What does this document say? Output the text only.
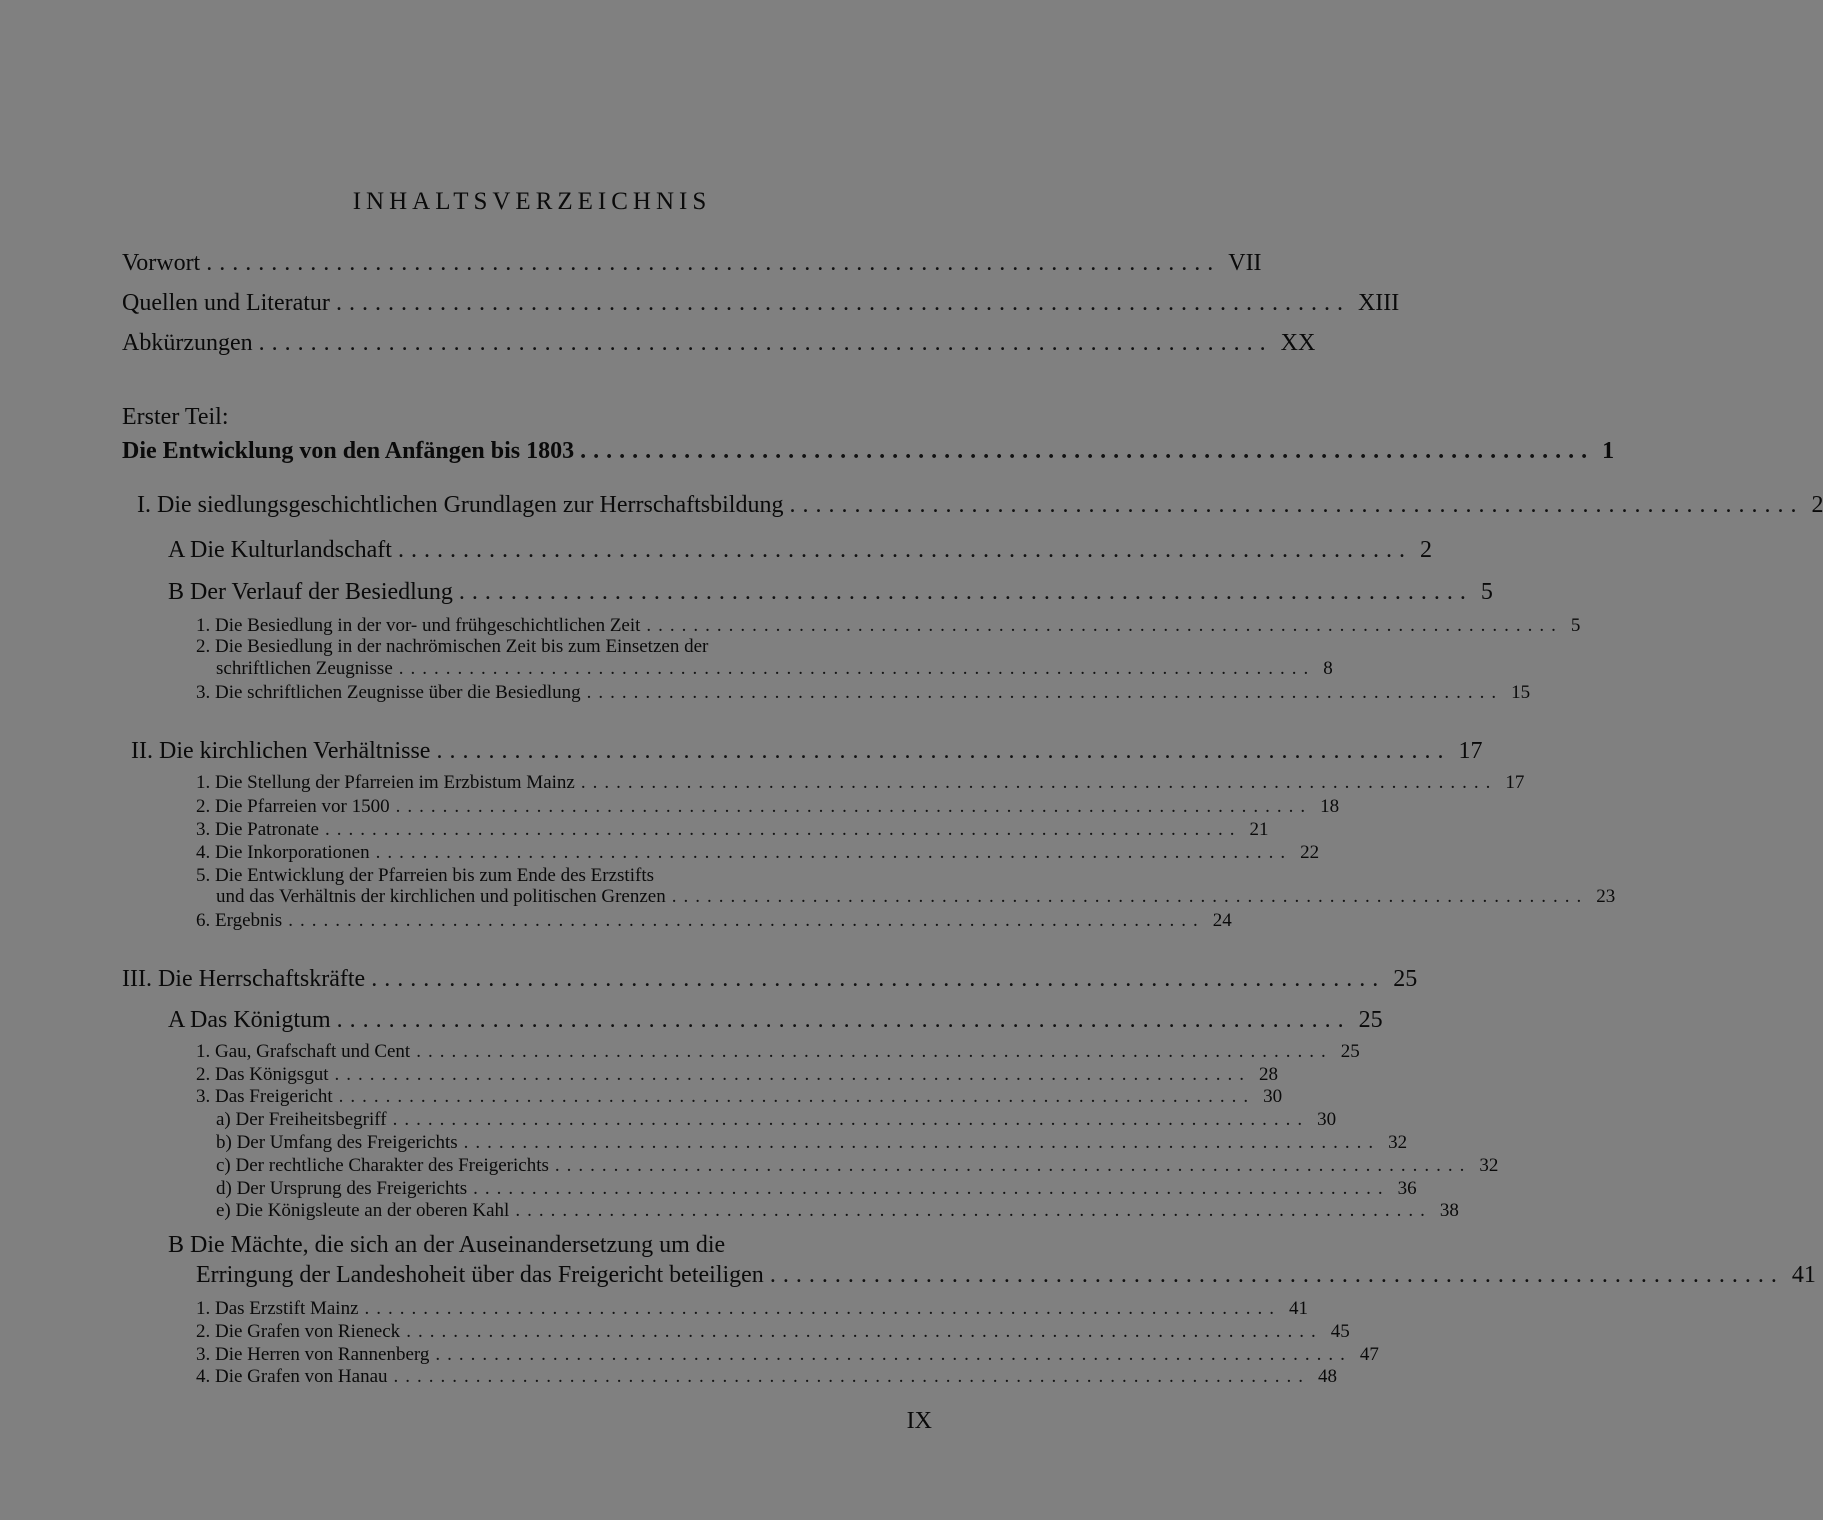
INHALTSVERZEICHNIS
Vorwort .............................................................................. VII
Quellen und Literatur .............................................................................. XIII
Abkürzungen .............................................................................. XX
Erster Teil:
Die Entwicklung von den Anfängen bis 1803 .............................................................................. 1
I. Die siedlungsgeschichtlichen Grundlagen zur Herrschaftsbildung .............................................................................. 2
A Die Kulturlandschaft .............................................................................. 2
B Der Verlauf der Besiedlung .............................................................................. 5
1. Die Besiedlung in der vor- und frühgeschichtlichen Zeit .............................................................................. 5
2. Die Besiedlung in der nachrömischen Zeit bis zum Einsetzen der
schriftlichen Zeugnisse .............................................................................. 8
3. Die schriftlichen Zeugnisse über die Besiedlung .............................................................................. 15
II. Die kirchlichen Verhältnisse .............................................................................. 17
1. Die Stellung der Pfarreien im Erzbistum Mainz .............................................................................. 17
2. Die Pfarreien vor 1500 .............................................................................. 18
3. Die Patronate .............................................................................. 21
4. Die Inkorporationen .............................................................................. 22
5. Die Entwicklung der Pfarreien bis zum Ende des Erzstifts
und das Verhältnis der kirchlichen und politischen Grenzen .............................................................................. 23
6. Ergebnis .............................................................................. 24
III. Die Herrschaftskräfte .............................................................................. 25
A Das Königtum .............................................................................. 25
1. Gau, Grafschaft und Cent .............................................................................. 25
2. Das Königsgut .............................................................................. 28
3. Das Freigericht .............................................................................. 30
a) Der Freiheitsbegriff .............................................................................. 30
b) Der Umfang des Freigerichts .............................................................................. 32
c) Der rechtliche Charakter des Freigerichts .............................................................................. 32
d) Der Ursprung des Freigerichts .............................................................................. 36
e) Die Königsleute an der oberen Kahl .............................................................................. 38
B Die Mächte, die sich an der Auseinandersetzung um die
Erringung der Landeshoheit über das Freigericht beteiligen .............................................................................. 41
1. Das Erzstift Mainz .............................................................................. 41
2. Die Grafen von Rieneck .............................................................................. 45
3. Die Herren von Rannenberg .............................................................................. 47
4. Die Grafen von Hanau .............................................................................. 48
IX
